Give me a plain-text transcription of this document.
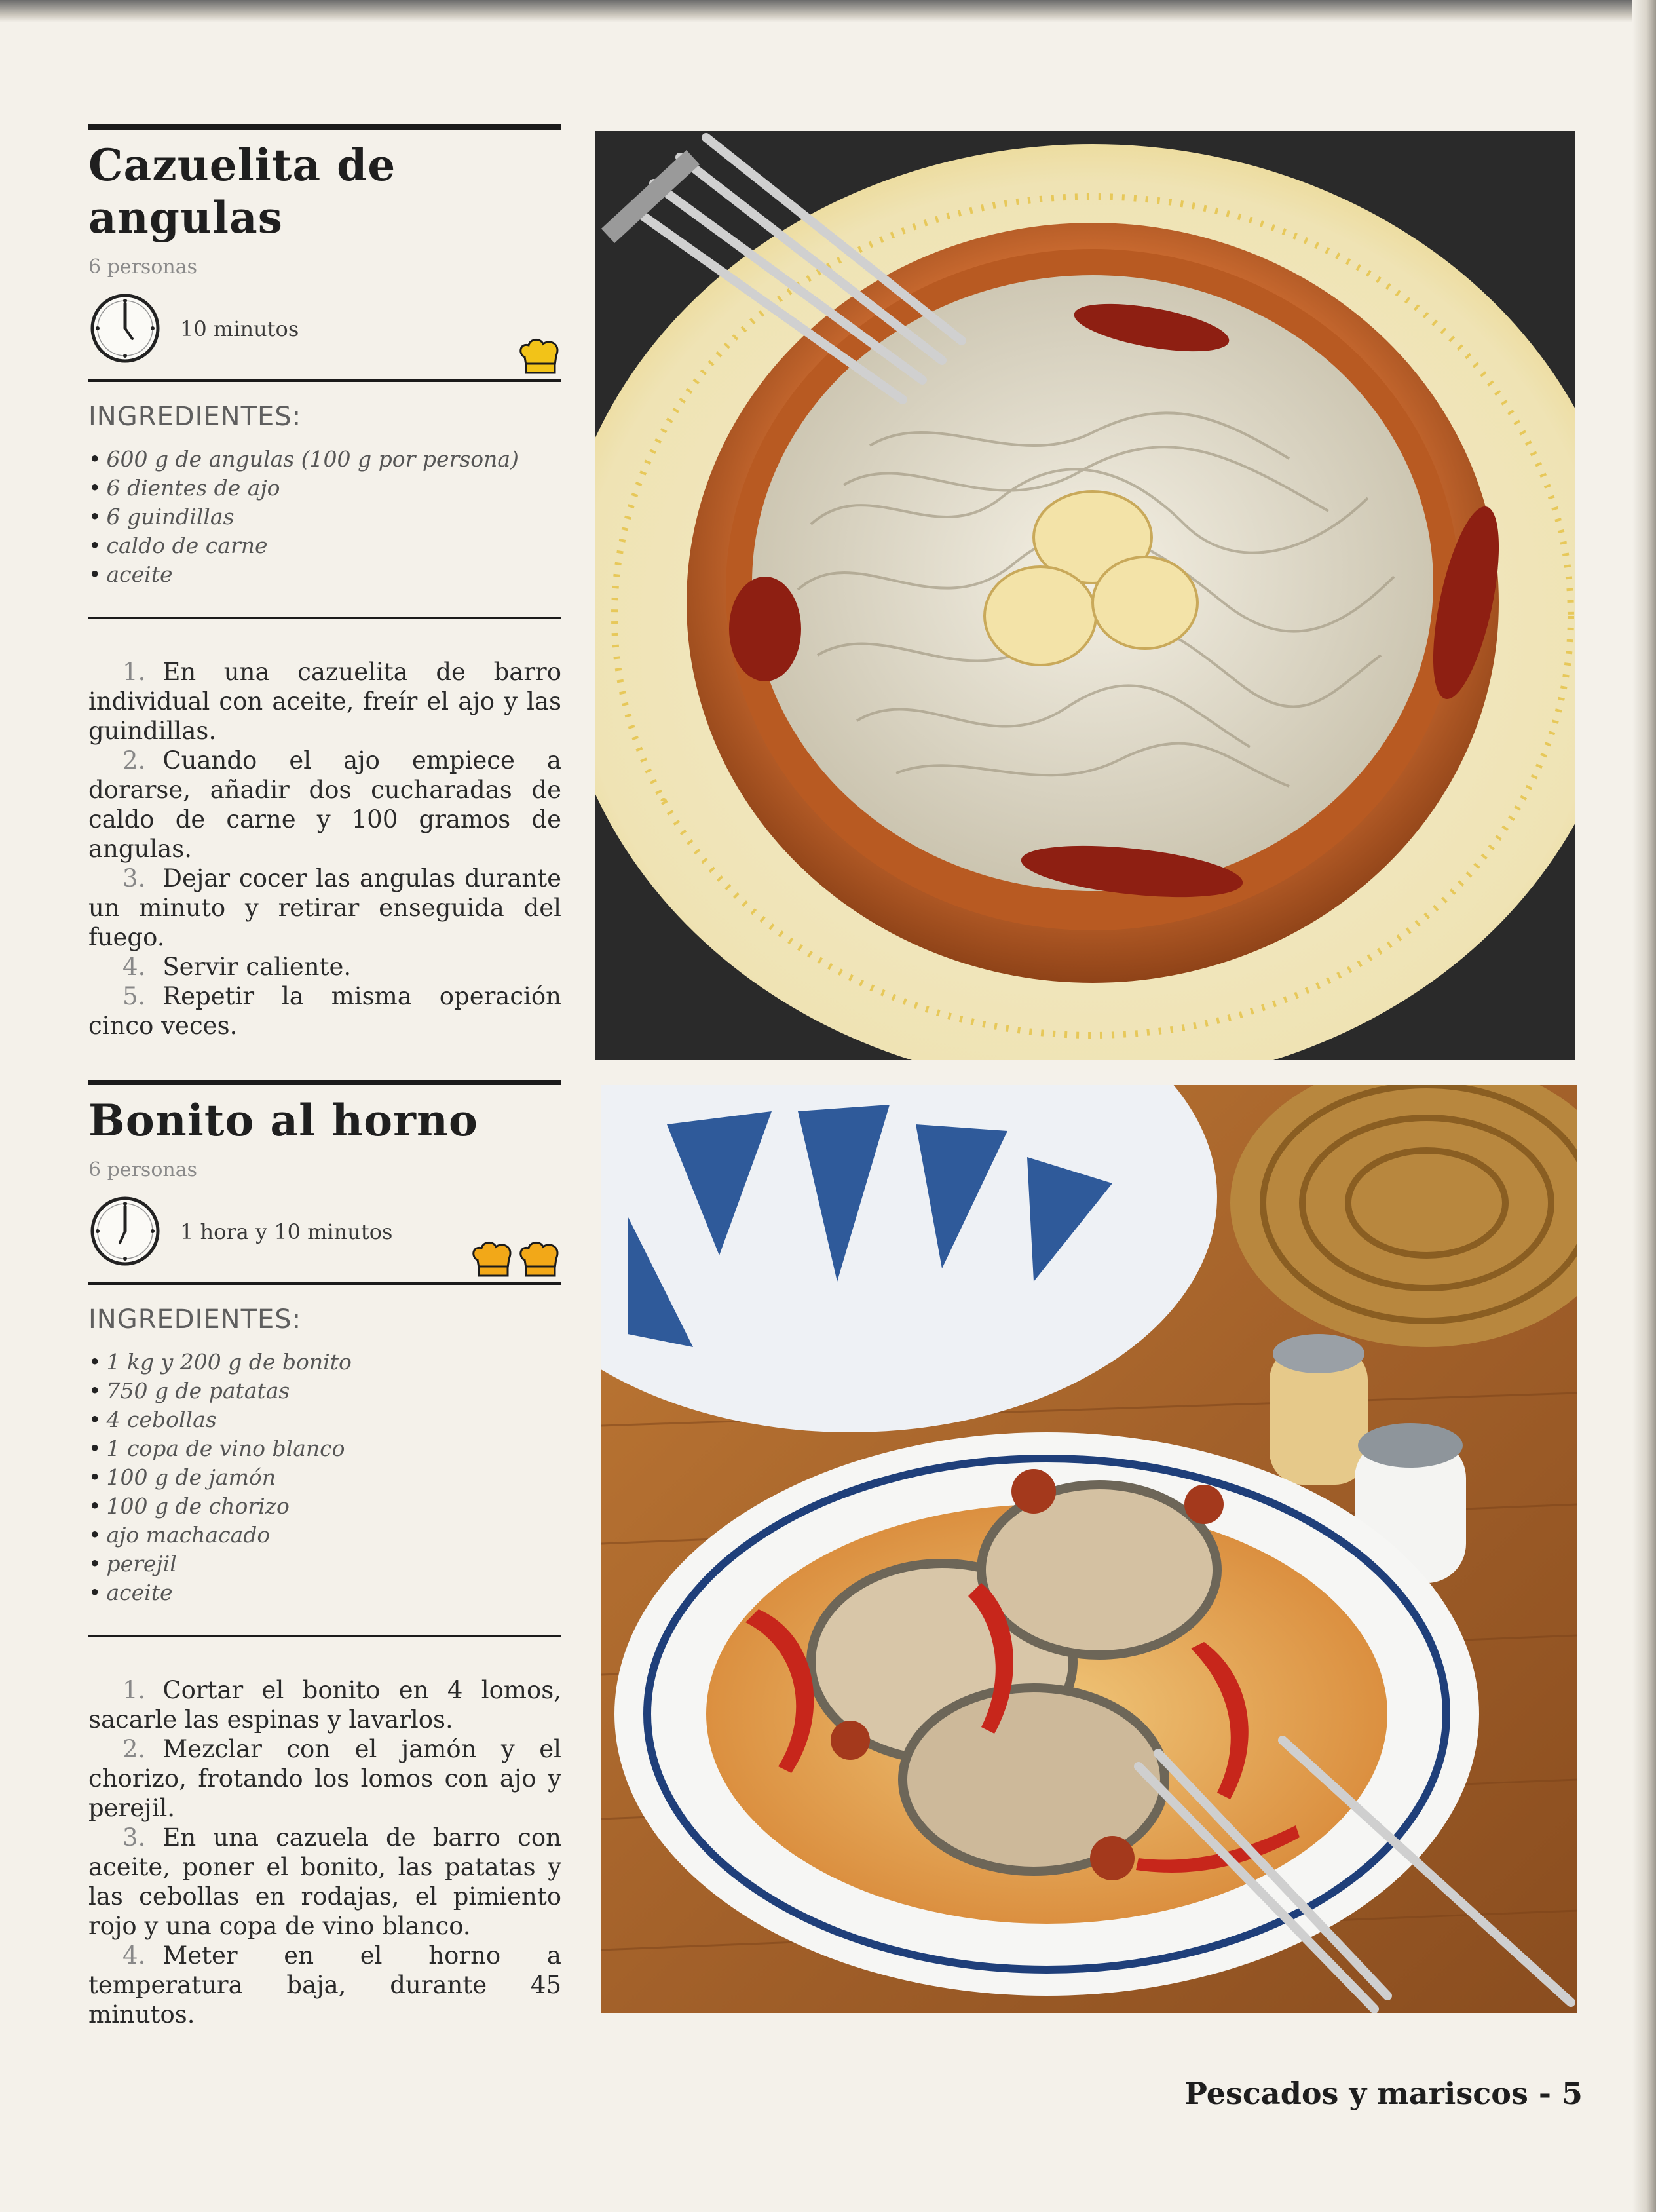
Cazuelita de angulas
6 personas
10 minutos
INGREDIENTES:
• 600 g de angulas (100 g por persona)
• 6 dientes de ajo
• 6 guindillas
• caldo de carne
• aceite

1. En una cazuelita de barro individual con aceite, freír el ajo y las guindillas.

2. Cuando el ajo empiece a dorarse, añadir dos cucharadas de caldo de carne y 100 gramos de angulas.

3. Dejar cocer las angulas durante un minuto y retirar enseguida del fuego.

4. Servir caliente.

5. Repetir la misma operación cinco veces.

Bonito al horno
6 personas
1 hora y 10 minutos
INGREDIENTES:
• 1 kg y 200 g de bonito
• 750 g de patatas
• 4 cebollas
• 1 copa de vino blanco
• 100 g de jamón
• 100 g de chorizo
• ajo machacado
• perejil
• aceite

1. Cortar el bonito en 4 lomos, sacarle las espinas y lavarlos.

2. Mezclar con el jamón y el chorizo, frotando los lomos con ajo y perejil.

3. En una cazuela de barro con aceite, poner el bonito, las patatas y las cebollas en rodajas, el pimiento rojo y una copa de vino blanco.

4. Meter en el horno a temperatura baja, durante 45 minutos.

Pescados y mariscos - 5
